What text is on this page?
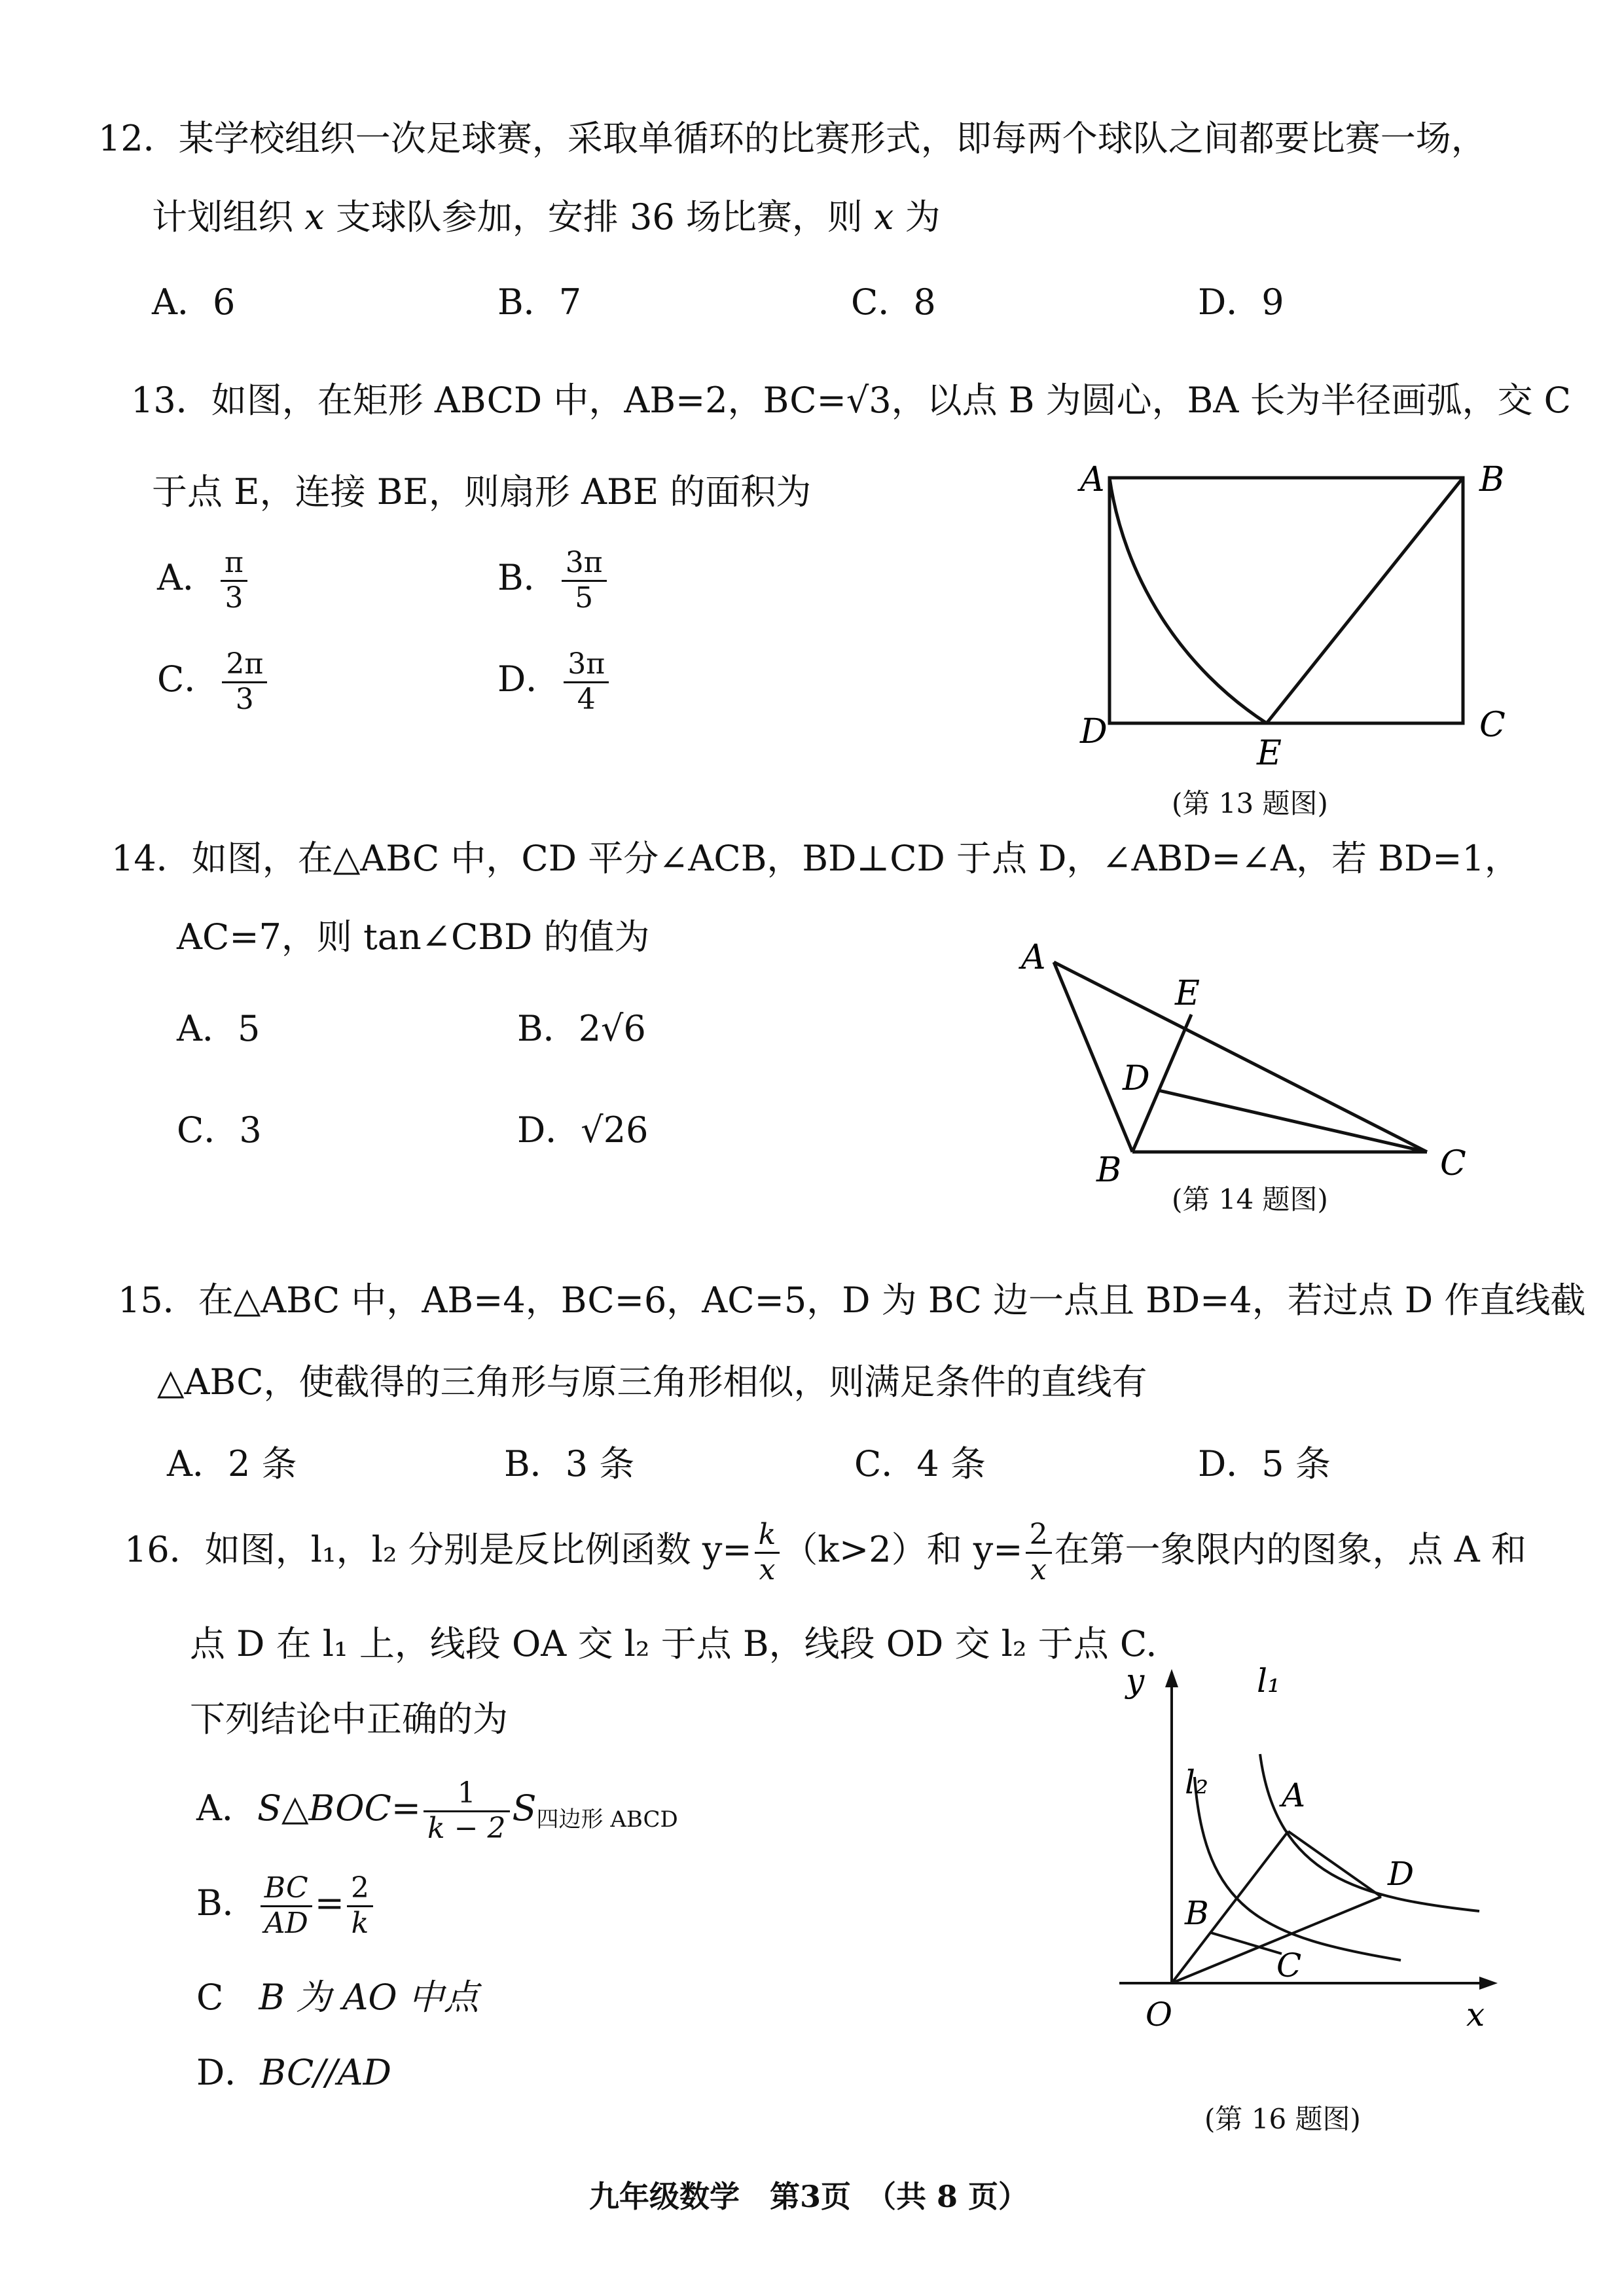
12．某学校组织一次足球赛，采取单循环的比赛形式，即每两个球队之间都要比赛一场，
计划组织 x 支球队参加，安排 36 场比赛，则 x 为
A．6	B．7	C．8	D．9
13．如图，在矩形 ABCD 中，AB=2，BC=√3，以点 B 为圆心，BA 长为半径画弧，交 C
于点 E，连接 BE，则扇形 ABE 的面积为
A． $\frac{\pi}{3}$	B． $\frac{3\pi}{5}$
C． $\frac{2\pi}{3}$	D． $\frac{3\pi}{4}$
A	B
C
D
E
(第 13 题图)
14．如图，在△ABC 中，CD 平分∠ACB，BD⊥CD 于点 D，∠ABD=∠A，若 BD=1，
AC=7，则 tan∠CBD 的值为
A．5	B．2√6
C．3	D．√26
A
E
D
B	C
(第 14 题图)
15．在△ABC 中，AB=4，BC=6，AC=5，D 为 BC 边一点且 BD=4，若过点 D 作直线截
△ABC，使截得的三角形与原三角形相似，则满足条件的直线有
A．2 条	B．3 条	C．4 条	D．5 条
16．如图，l₁，l₂ 分别是反比例函数 $y= \frac{k}{x} (k>2)$和 $y= \frac{2}{x}$ 在第一象限内的图象，点 A 和
点 D 在 l₁ 上，线段 OA 交 l₂ 于点 B，线段 OD 交 l₂ 于点 C.
下列结论中正确的为
A．S△BOC= $\frac{1}{k - 2}$ S四边形 ABCD
B． $\frac{BC}{AD} = \frac{2}{k}$
C　 B 为 AO 中点
D．BC//AD
y	l₁
l₂ A
D
B
C
O	x
(第 16 题图)
九年级数学　第3页　（共 8 页）
